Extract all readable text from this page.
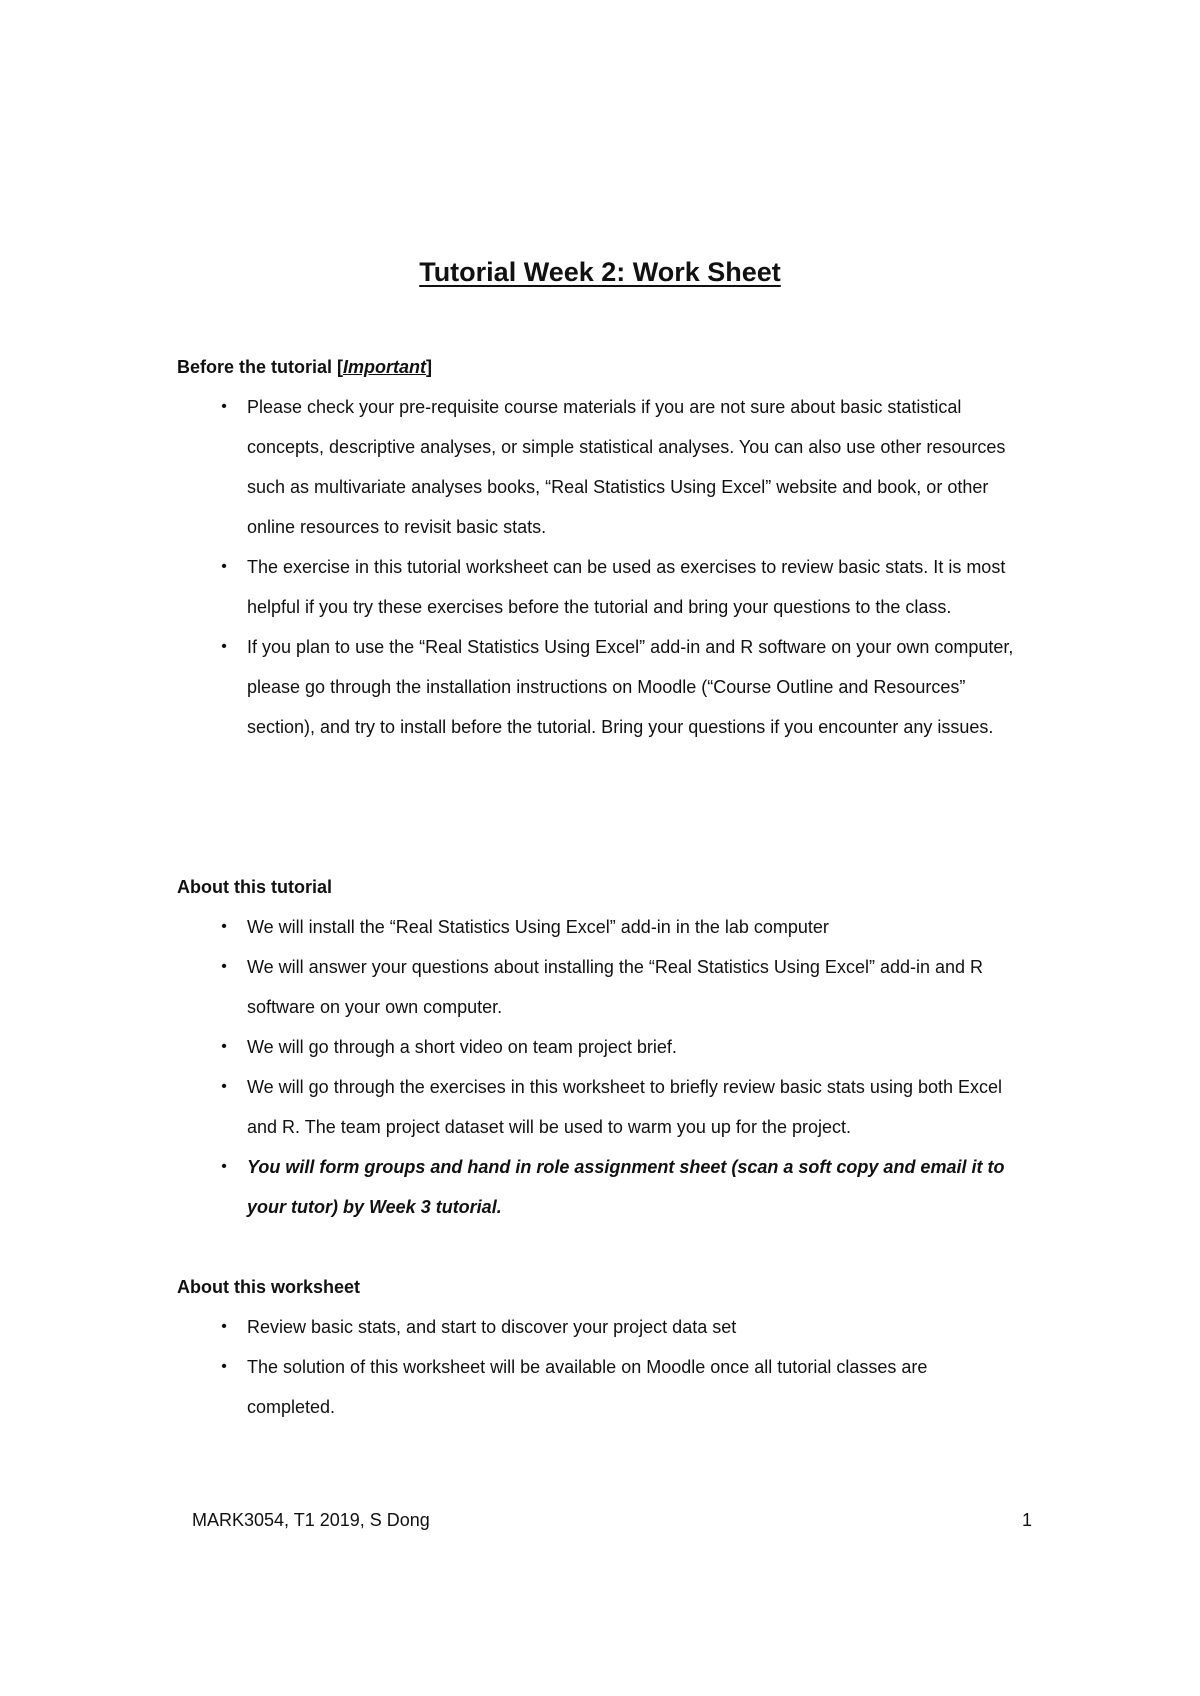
Tutorial Week 2: Work Sheet

Before the tutorial [Important]

• Please check your pre-requisite course materials if you are not sure about basic statistical concepts, descriptive analyses, or simple statistical analyses. You can also use other resources such as multivariate analyses books, “Real Statistics Using Excel” website and book, or other online resources to revisit basic stats.
• The exercise in this tutorial worksheet can be used as exercises to review basic stats. It is most helpful if you try these exercises before the tutorial and bring your questions to the class.
• If you plan to use the “Real Statistics Using Excel” add-in and R software on your own computer, please go through the installation instructions on Moodle (“Course Outline and Resources” section), and try to install before the tutorial. Bring your questions if you encounter any issues.

About this tutorial

• We will install the “Real Statistics Using Excel” add-in in the lab computer
• We will answer your questions about installing the “Real Statistics Using Excel” add-in and R software on your own computer.
• We will go through a short video on team project brief.
• We will go through the exercises in this worksheet to briefly review basic stats using both Excel and R. The team project dataset will be used to warm you up for the project.
• You will form groups and hand in role assignment sheet (scan a soft copy and email it to your tutor) by Week 3 tutorial.

About this worksheet

• Review basic stats, and start to discover your project data set
• The solution of this worksheet will be available on Moodle once all tutorial classes are completed.
MARK3054, T1 2019, S Dong	1
